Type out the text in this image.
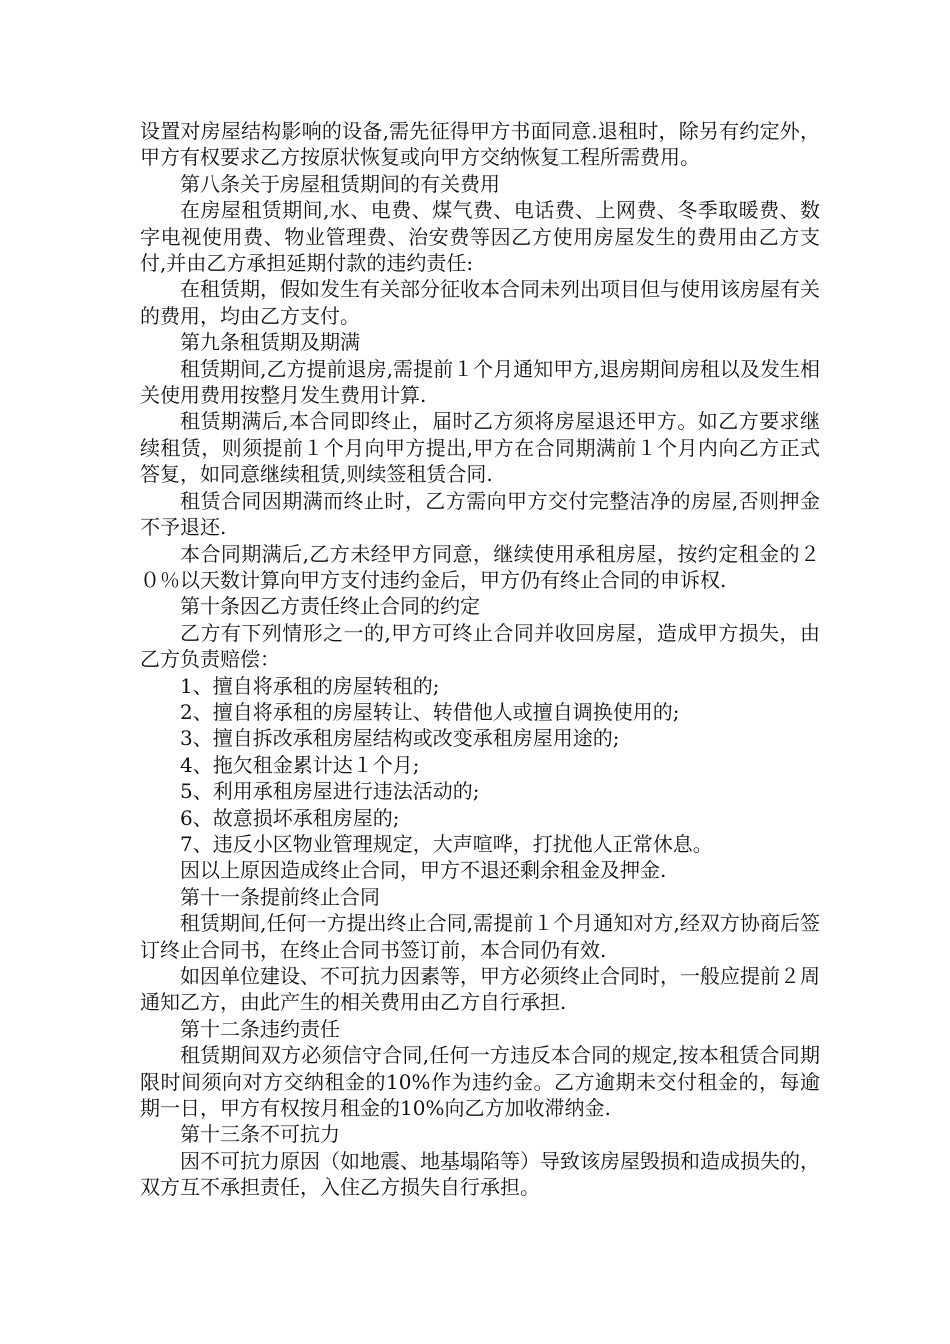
设置对房屋结构影响的设备,需先征得甲方书面同意.退租时，除另有约定外，甲方有权要求乙方按原状恢复或向甲方交纳恢复工程所需费用。

第八条关于房屋租赁期间的有关费用

在房屋租赁期间,水、电费、煤气费、电话费、上网费、冬季取暖费、数字电视使用费、物业管理费、治安费等因乙方使用房屋发生的费用由乙方支付,并由乙方承担延期付款的违约责任:

在租赁期，假如发生有关部分征收本合同未列出项目但与使用该房屋有关的费用，均由乙方支付。

第九条租赁期及期满

租赁期间,乙方提前退房,需提前１个月通知甲方,退房期间房租以及发生相关使用费用按整月发生费用计算.

租赁期满后,本合同即终止，届时乙方须将房屋退还甲方。如乙方要求继续租赁，则须提前１个月向甲方提出,甲方在合同期满前１个月内向乙方正式答复，如同意继续租赁,则续签租赁合同.

租赁合同因期满而终止时，乙方需向甲方交付完整洁净的房屋,否则押金不予退还.

本合同期满后,乙方未经甲方同意，继续使用承租房屋，按约定租金的２０％以天数计算向甲方支付违约金后，甲方仍有终止合同的申诉权.

第十条因乙方责任终止合同的约定

乙方有下列情形之一的,甲方可终止合同并收回房屋，造成甲方损失，由乙方负责赔偿：

1、擅自将承租的房屋转租的;

2、擅自将承租的房屋转让、转借他人或擅自调换使用的;

3、擅自拆改承租房屋结构或改变承租房屋用途的;

4、拖欠租金累计达１个月;

5、利用承租房屋进行违法活动的;

6、故意损坏承租房屋的;

7、违反小区物业管理规定，大声喧哗，打扰他人正常休息。

因以上原因造成终止合同，甲方不退还剩余租金及押金.

第十一条提前终止合同

租赁期间,任何一方提出终止合同,需提前１个月通知对方,经双方协商后签订终止合同书，在终止合同书签订前，本合同仍有效.

如因单位建设、不可抗力因素等，甲方必须终止合同时，一般应提前２周通知乙方，由此产生的相关费用由乙方自行承担.

第十二条违约责任

租赁期间双方必须信守合同,任何一方违反本合同的规定,按本租赁合同期限时间须向对方交纳租金的10%作为违约金。乙方逾期未交付租金的，每逾期一日，甲方有权按月租金的10%向乙方加收滞纳金.

第十三条不可抗力

因不可抗力原因（如地震、地基塌陷等）导致该房屋毁损和造成损失的，双方互不承担责任，入住乙方损失自行承担。
